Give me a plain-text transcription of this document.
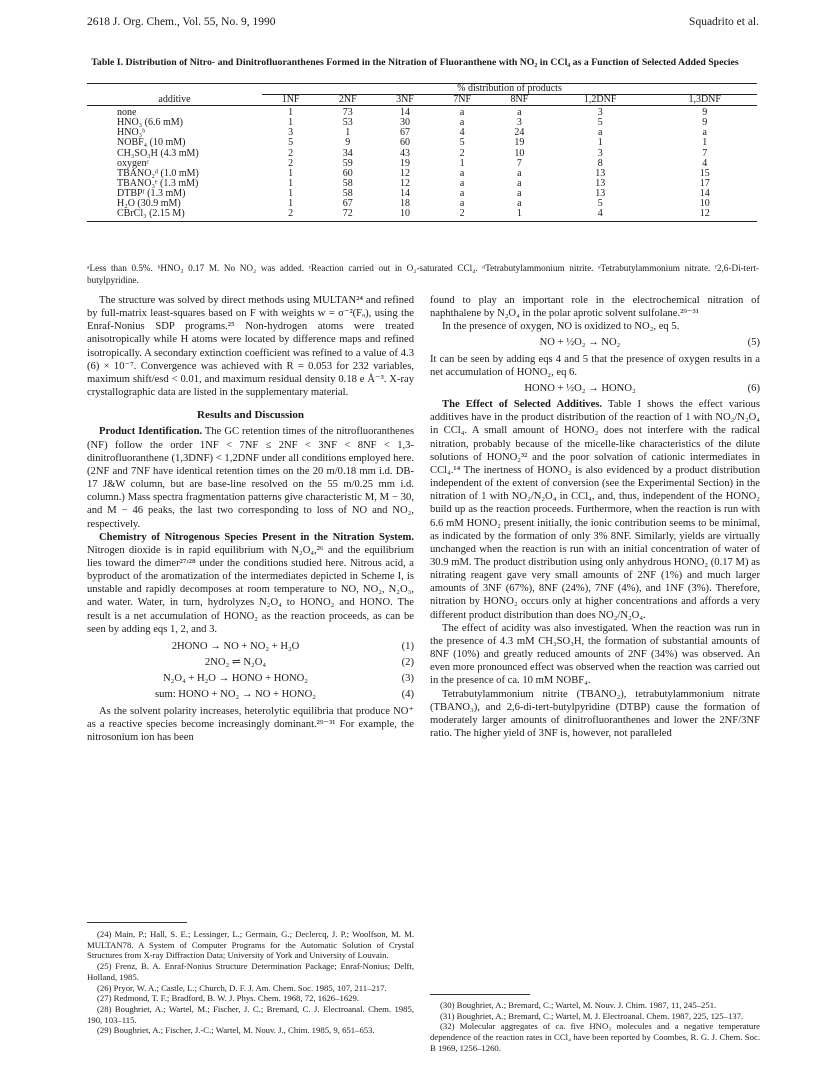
2618 J. Org. Chem., Vol. 55, No. 9, 1990	Squadrito et al.
Table I. Distribution of Nitro- and Dinitrofluoranthenes Formed in the Nitration of Fluoranthene with NO₂ in CCl₄ as a Function of Selected Added Species
	% distribution of products						
additive	1NF	2NF	3NF	7NF	8NF	1,2DNF	1,3DNF
none	1	73	14	a	a	3	9
HNO₃ (6.6 mM)	1	53	30	a	3	5	9
HNO₃ᵇ	3	1	67	4	24	a	a
NOBF₄ (10 mM)	5	9	60	5	19	1	1
CH₃SO₃H (4.3 mM)	2	34	43	2	10	3	7
oxygenᶜ	2	59	19	1	7	8	4
TBANO₂ᵈ (1.0 mM)	1	60	12	a	a	13	15
TBANO₃ᵉ (1.3 mM)	1	58	12	a	a	13	17
DTBPᶠ (1.3 mM)	1	58	14	a	a	13	14
H₂O (30.9 mM)	1	67	18	a	a	5	10
CBrCl₃ (2.15 M)	2	72	10	2	1	4	12
ᵃLess than 0.5%. ᵇHNO₃ 0.17 M. No NO₂ was added. ᶜReaction carried out in O₂-saturated CCl₄. ᵈTetrabutylammonium nitrite. ᵉTetrabutylammonium nitrate. ᶠ2,6-Di-tert-butylpyridine.

The structure was solved by direct methods using MULTAN²⁴ and refined by full-matrix least-squares based on F with weights w = σ⁻²(Fₒ), using the Enraf-Nonius SDP programs.²⁵ Non-hydrogen atoms were treated anisotropically while H atoms were located by difference maps and refined isotropically. A secondary extinction coefficient was refined to a value of 4.3 (6) × 10⁻⁷. Convergence was achieved with R = 0.053 for 232 variables, maximum shift/esd < 0.01, and maximum residual density 0.18 e Å⁻³. X-ray crystallographic data are listed in the supplementary material.

Results and Discussion

Product Identification. The GC retention times of the nitrofluoranthenes (NF) follow the order 1NF < 7NF ≤ 2NF < 3NF < 8NF < 1,3-dinitrofluoranthene (1,3DNF) < 1,2DNF under all conditions employed here. (2NF and 7NF have identical retention times on the 20 m/0.18 mm i.d. DB-17 J&W column, but are base-line resolved on the 55 m/0.25 mm i.d. column.) Mass spectra fragmentation patterns give characteristic M, M − 30, and M − 46 peaks, the last two corresponding to loss of NO and NO₂, respectively.

Chemistry of Nitrogenous Species Present in the Nitration System. Nitrogen dioxide is in rapid equilibrium with N₂O₄,²⁶ and the equilibrium lies toward the dimer²⁷ʴ²⁸ under the conditions studied here. Nitrous acid, a byproduct of the aromatization of the intermediates depicted in Scheme I, is unstable and rapidly decomposes at room temperature to NO, NO₂, N₂O₃, and water. Water, in turn, hydrolyzes N₂O₄ to HONO₂ and HONO. The result is a net accumulation of HONO₂ as the reaction proceeds, as can be seen by adding eqs 1, 2, and 3.

2HONO → NO + NO₂ + H₂O	(1)
2NO₂ ⇌ N₂O₄	(2)
N₂O₄ + H₂O → HONO + HONO₂	(3)
sum: HONO + NO₂ → NO + HONO₂	(4)

As the solvent polarity increases, heterolytic equilibria that produce NO⁺ as a reactive species become increasingly dominant.²⁹⁻³¹ For example, the nitrosonium ion has been

(24) Main, P.; Hall, S. E.; Lessinger, L.; Germain, G.; Declercq, J. P.; Woolfson, M. M. MULTAN78. A System of Computer Programs for the Automatic Solution of Crystal Structures from X-ray Diffraction Data; University of York and University of Louvain.

(25) Frenz, B. A. Enraf-Nonius Structure Determination Package; Enraf-Nonius; Delft, Holland, 1985.

(26) Pryor, W. A.; Castle, L.; Church, D. F. J. Am. Chem. Soc. 1985, 107, 211–217.

(27) Redmond, T. F.; Bradford, B. W. J. Phys. Chem. 1968, 72, 1626–1629.

(28) Boughriet, A.; Wartel, M.; Fischer, J. C.; Bremard, C. J. Electroanal. Chem. 1985, 190, 103–115.

(29) Boughriet, A.; Fischer, J.-C.; Wartel, M. Nouv. J., Chim. 1985, 9, 651–653.

found to play an important role in the electrochemical nitration of naphthalene by N₂O₄ in the polar aprotic solvent sulfolane.²⁹⁻³¹

In the presence of oxygen, NO is oxidized to NO₂, eq 5.

NO + ½O₂ → NO₂	(5)

It can be seen by adding eqs 4 and 5 that the presence of oxygen results in a net accumulation of HONO₂, eq 6.

HONO + ½O₂ → HONO₂	(6)

The Effect of Selected Additives. Table I shows the effect various additives have in the product distribution of the reaction of 1 with NO₂/N₂O₄ in CCl₄. A small amount of HONO₂ does not interfere with the radical nitration, probably because of the micelle-like characteristics of the dilute solutions of HONO₂³² and the poor solvation of cationic intermediates in CCl₄.¹⁴ The inertness of HONO₂ is also evidenced by a product distribution independent of the extent of conversion (see the Experimental Section) in the nitration of 1 with NO₂/N₂O₄ in CCl₄, and, thus, independent of the HONO₂ build up as the reaction proceeds. Furthermore, when the reaction is run with 6.6 mM HONO₂ present initially, the ionic contribution seems to be minimal, as indicated by the formation of only 3% 8NF. Similarly, yields are virtually unchanged when the reaction is run with an initial concentration of water of 30.9 mM. The product distribution using only anhydrous HONO₂ (0.17 M) as nitrating reagent gave very small amounts of 2NF (1%) and much larger amounts of 3NF (67%), 8NF (24%), 7NF (4%), and 1NF (3%). Therefore, nitration by HONO₂ occurs only at higher concentrations and affords a very different product distribution than does NO₂/N₂O₄.

The effect of acidity was also investigated. When the reaction was run in the presence of 4.3 mM CH₃SO₃H, the formation of substantial amounts of 8NF (10%) and greatly reduced amounts of 2NF (34%) was observed. An even more pronounced effect was observed when the reaction was carried out in the presence of ca. 10 mM NOBF₄.

Tetrabutylammonium nitrite (TBANO₂), tetrabutylammonium nitrate (TBANO₃), and 2,6-di-tert-butylpyridine (DTBP) cause the formation of moderately larger amounts of dinitrofluoranthenes and lower the 2NF/3NF ratio. The higher yield of 3NF is, however, not paralleled

(30) Boughriet, A.; Bremard, C.; Wartel, M. Nouv. J. Chim. 1987, 11, 245–251.

(31) Boughriet, A.; Bremard, C.; Wartel, M. J. Electroanal. Chem. 1987, 225, 125–137.

(32) Molecular aggregates of ca. five HNO₃ molecules and a negative temperature dependence of the reaction rates in CCl₄ have been reported by Coombes, R. G. J. Chem. Soc. B 1969, 1256–1260.
